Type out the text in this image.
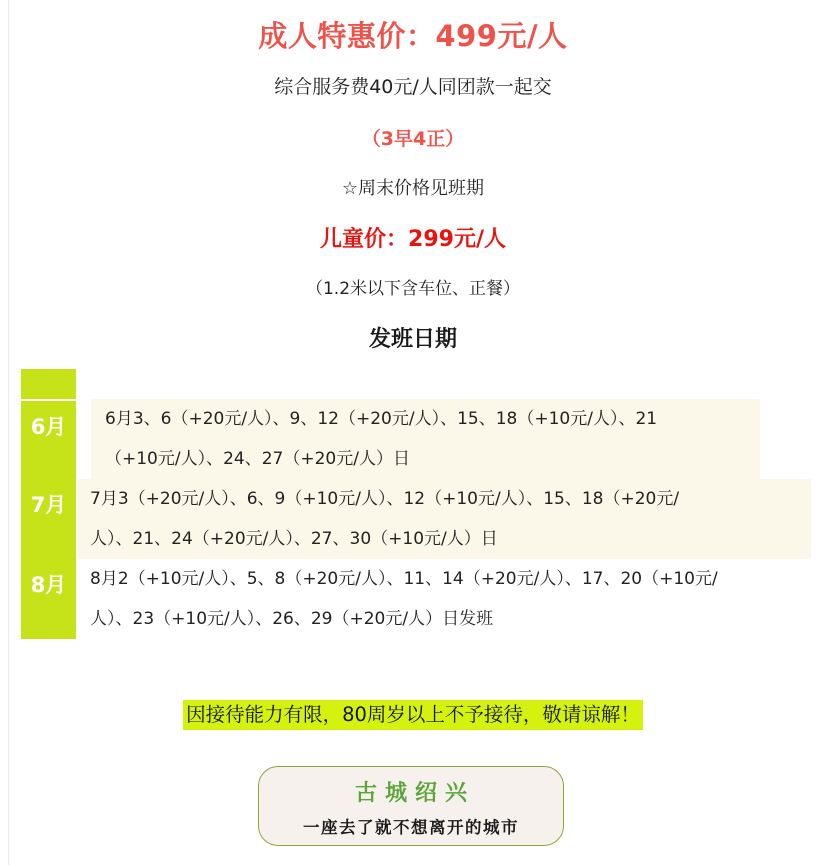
成人特惠价：499元/人
综合服务费40元/人同团款一起交
（3早4正）
☆周末价格见班期
儿童价：299元/人
（1.2米以下含车位、正餐）
发班日期
6月	6月3、6（+20元/人）、9、12（+20元/人）、15、18（+10元/人）、21
（+10元/人）、24、27（+20元/人）日
7月	7月3（+20元/人）、6、9（+10元/人）、12（+10元/人）、15、18（+20元/
人）、21、24（+20元/人）、27、30（+10元/人）日
8月	8月2（+10元/人）、5、8（+20元/人）、11、14（+20元/人）、17、20（+10元/
人）、23（+10元/人）、26、29（+20元/人）日发班
因接待能力有限，80周岁以上不予接待，敬请谅解！
古城绍兴
一座去了就不想离开的城市
